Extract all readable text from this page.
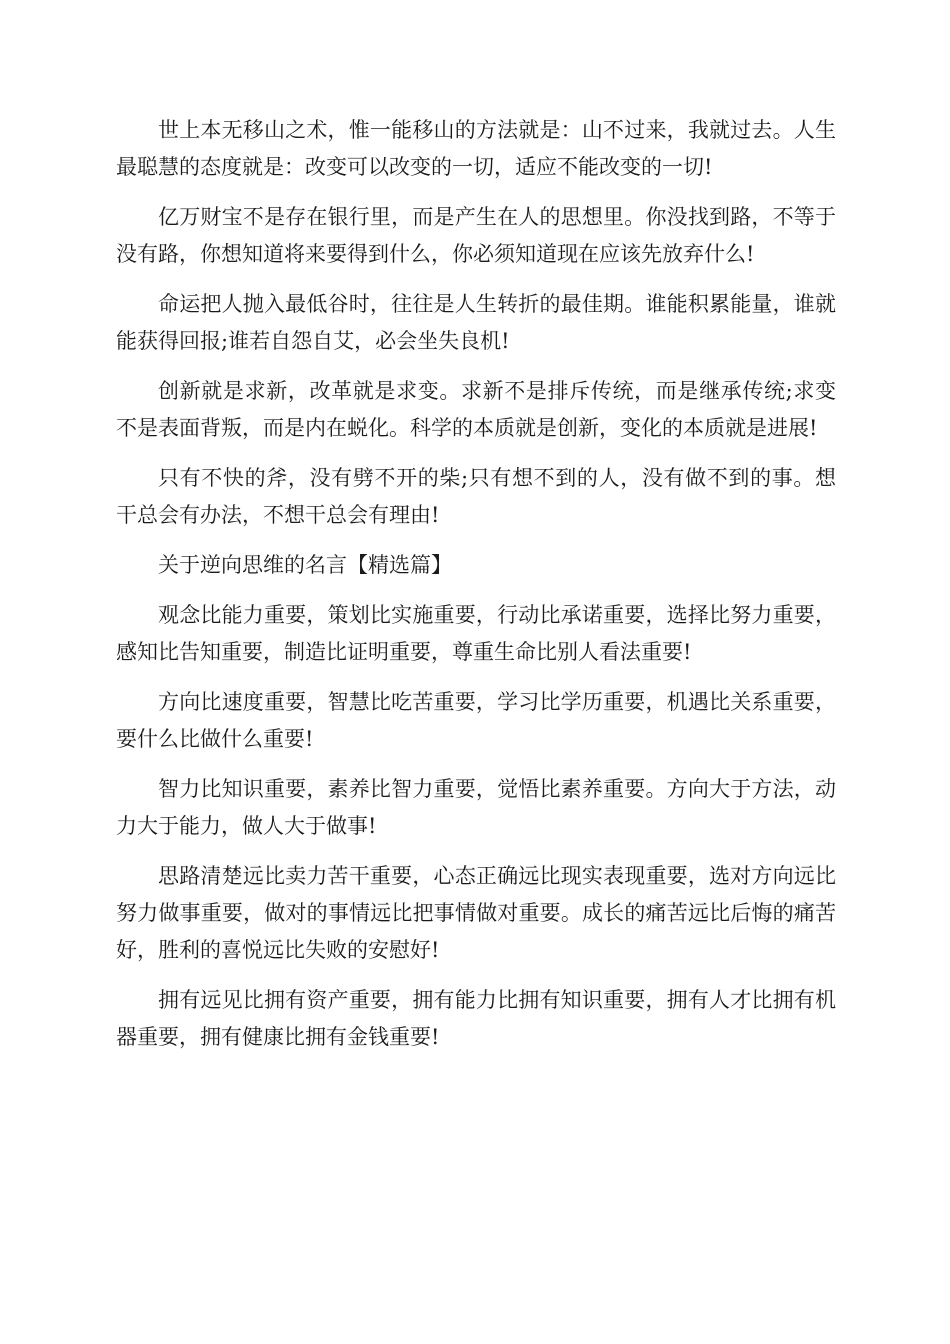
世上本无移山之术，惟一能移山的方法就是：山不过来，我就过去。人生最聪慧的态度就是：改变可以改变的一切，适应不能改变的一切!

亿万财宝不是存在银行里，而是产生在人的思想里。你没找到路，不等于没有路，你想知道将来要得到什么，你必须知道现在应该先放弃什么!

命运把人抛入最低谷时，往往是人生转折的最佳期。谁能积累能量，谁就能获得回报;谁若自怨自艾，必会坐失良机!

创新就是求新，改革就是求变。求新不是排斥传统，而是继承传统;求变不是表面背叛，而是内在蜕化。科学的本质就是创新，变化的本质就是进展!

只有不快的斧，没有劈不开的柴;只有想不到的人，没有做不到的事。想干总会有办法，不想干总会有理由!

关于逆向思维的名言【精选篇】

观念比能力重要，策划比实施重要，行动比承诺重要，选择比努力重要，感知比告知重要，制造比证明重要，尊重生命比别人看法重要!

方向比速度重要，智慧比吃苦重要，学习比学历重要，机遇比关系重要，要什么比做什么重要!

智力比知识重要，素养比智力重要，觉悟比素养重要。方向大于方法，动力大于能力，做人大于做事!

思路清楚远比卖力苦干重要，心态正确远比现实表现重要，选对方向远比努力做事重要，做对的事情远比把事情做对重要。成长的痛苦远比后悔的痛苦好，胜利的喜悦远比失败的安慰好!

拥有远见比拥有资产重要，拥有能力比拥有知识重要，拥有人才比拥有机器重要，拥有健康比拥有金钱重要!
